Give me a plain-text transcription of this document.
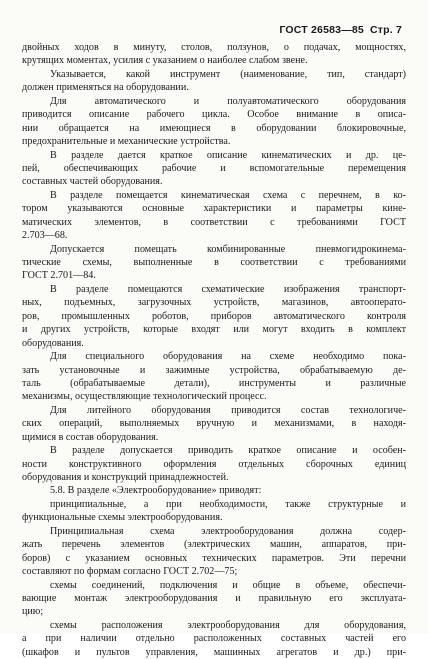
ГОСТ 26583—85 Стр. 7
двойных ходов в минуту, столов, ползунов, о подачах, мощностях,
крутящих моментах, усилия с указанием о наиболее слабом звене.
Указывается, какой инструмент (наименование, тип, стандарт)
должен применяться на оборудовании.
Для автоматического и полуавтоматического оборудования
приводится описание рабочего цикла. Особое внимание в описа-
нии обращается на имеющиеся в оборудовании блокировочные,
предохранительные и механические устройства.
В разделе дается краткое описание кинематических и др. це-
пей, обеспечивающих рабочие и вспомогательные перемещения
составных частей оборудования.
В разделе помещается кинематическая схема с перечнем, в ко-
тором указываются основные характеристики и параметры кине-
матических элементов, в соответствии с требованиями ГОСТ
2.703—68.
Допускается помещать комбинированные пневмогидрокинема-
тические схемы, выполненные в соответствии с требованиями
ГОСТ 2.701—84.
В разделе помещаются схематические изображения транспорт-
ных, подъемных, загрузочных устройств, магазинов, автооперато-
ров, промышленных роботов, приборов автоматического контроля
и других устройств, которые входят или могут входить в комплект
оборудования.
Для специального оборудования на схеме необходимо пока-
зать установочные и зажимные устройства, обрабатываемую де-
таль (обрабатываемые детали), инструменты и различные
механизмы, осуществляющие технологический процесс.
Для литейного оборудования приводится состав технологиче-
ских операций, выполняемых вручную и механизмами, в находя-
щимися в состав оборудования.
В разделе допускается приводить краткое описание и особен-
ности конструктивного оформления отдельных сборочных единиц
оборудования и конструкций принадлежностей.
5.8. В разделе «Электрооборудование» приводят:
принципиальные, а при необходимости, также структурные и
функциональные схемы электрооборудования.
Принципиальная схема электрооборудования должна содер-
жать перечень элементов (электрических машин, аппаратов, при-
боров) с указанием основных технических параметров. Эти перечни
составляют по формам согласно ГОСТ 2.702—75;
схемы соединений, подключения и общие в объеме, обеспечи-
вающие монтаж электрооборудования и правильную его эксплуата-
цию;
схемы расположения электрооборудования для оборудования,
а при наличии отдельно расположенных составных частей его
(шкафов и пультов управления, машинных агрегатов и др.) при-
